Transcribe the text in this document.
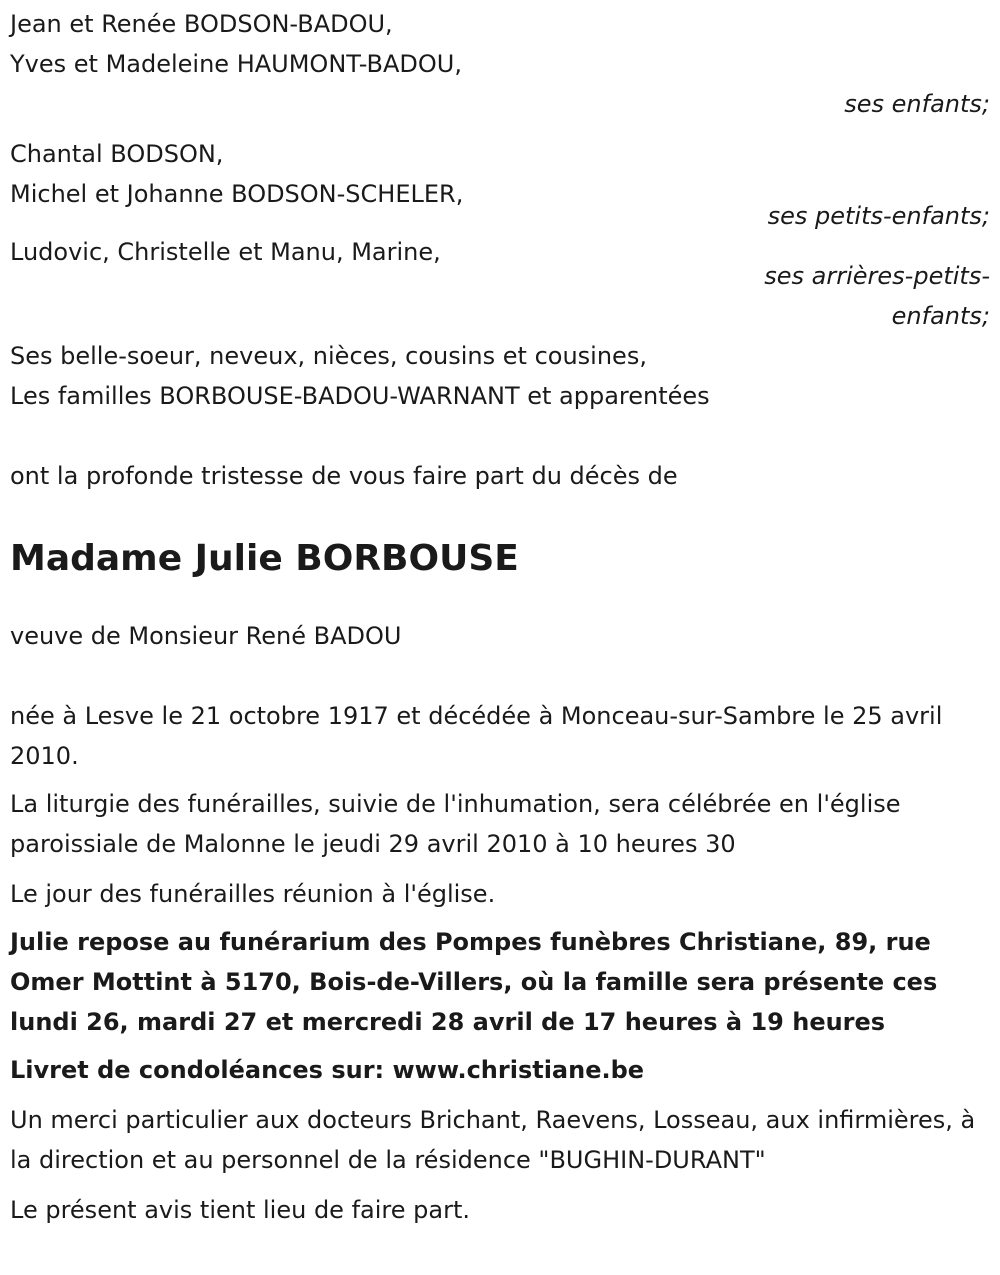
Jean et Renée BODSON-BADOU,
Yves et Madeleine HAUMONT-BADOU,
ses enfants;
Chantal BODSON,
Michel et Johanne BODSON-SCHELER,
ses petits-enfants;
Ludovic, Christelle et Manu, Marine,
ses arrières-petits-
enfants;
Ses belle-soeur, neveux, nièces, cousins et cousines,
Les familles BORBOUSE-BADOU-WARNANT et apparentées

ont la profonde tristesse de vous faire part du décès de

Madame Julie BORBOUSE

veuve de Monsieur René BADOU

née à Lesve le 21 octobre 1917 et décédée à Monceau-sur-Sambre le 25 avril 2010.

La liturgie des funérailles, suivie de l'inhumation, sera célébrée en l'église paroissiale de Malonne le jeudi 29 avril 2010 à 10 heures 30

Le jour des funérailles réunion à l'église.

Julie repose au funérarium des Pompes funèbres Christiane, 89, rue Omer Mottint à 5170, Bois-de-Villers, où la famille sera présente ces lundi 26, mardi 27 et mercredi 28 avril de 17 heures à 19 heures

Livret de condoléances sur: www.christiane.be

Un merci particulier aux docteurs Brichant, Raevens, Losseau, aux infirmières, à la direction et au personnel de la résidence "BUGHIN-DURANT"

Le présent avis tient lieu de faire part.
